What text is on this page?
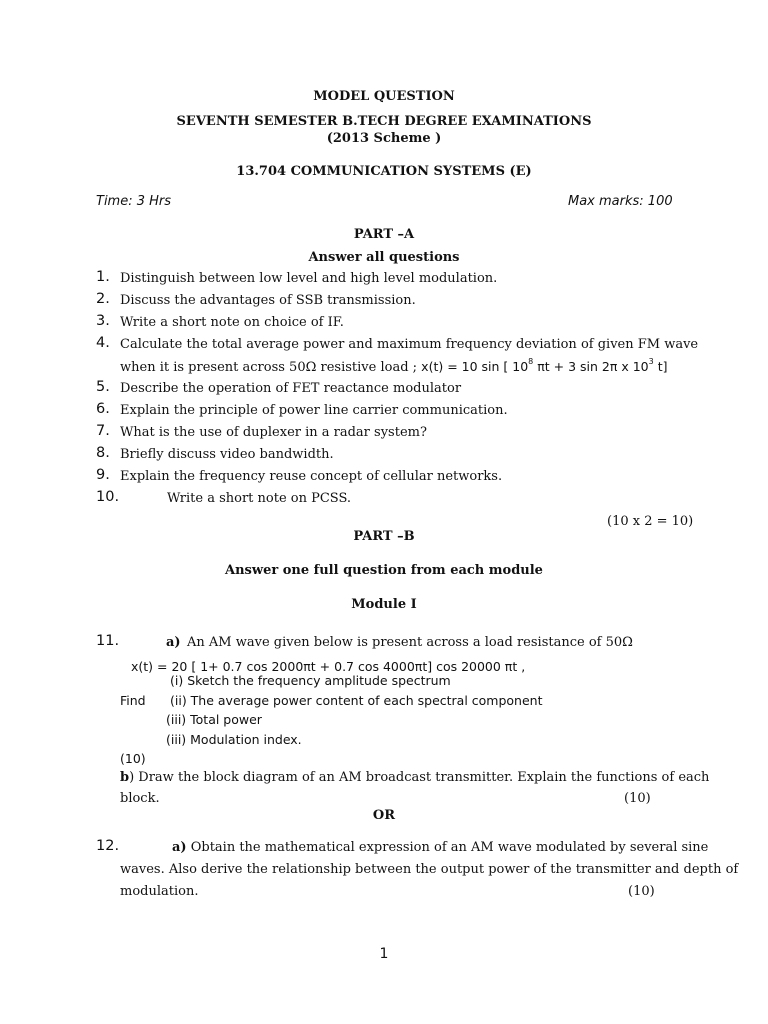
MODEL QUESTION
SEVENTH SEMESTER B.TECH DEGREE EXAMINATIONS
(2013 Scheme )
13.704 COMMUNICATION SYSTEMS (E)
Time: 3 Hrs	Max marks: 100
PART –A
Answer all questions
1. Distinguish between low level and high level modulation.
2. Discuss the advantages of SSB transmission.
3. Write a short note on choice of IF.
4. Calculate the total average power and maximum frequency deviation of given FM wave
when it is present across 50Ω resistive load ; x(t) = 10 sin [ $10^8$ πt + 3 sin 2π x $10^3$ t]
5. Describe the operation of FET reactance modulator
6. Explain the principle of power line carrier communication.
7. What is the use of duplexer in a radar system?
8. Briefly discuss video bandwidth.
9. Explain the frequency reuse concept of cellular networks.
10.	Write a short note on PCSS.
(10 x 2 = 10)
PART –B
Answer one full question from each module
Module I
11.	a) An AM wave given below is present across a load resistance of 50Ω
x(t) = 20 [ 1+ 0.7 cos 2000πt + 0.7 cos 4000πt] cos 20000 πt ,
(i) Sketch the frequency amplitude spectrum
Find (ii) The average power content of each spectral component
(iii) Total power
(iii) Modulation index.
(10)
b) Draw the block diagram of an AM broadcast transmitter. Explain the functions of each
block.	(10)
OR
12.	a) Obtain the mathematical expression of an AM wave modulated by several sine
waves. Also derive the relationship between the output power of the transmitter and depth of
modulation.	(10)
1
